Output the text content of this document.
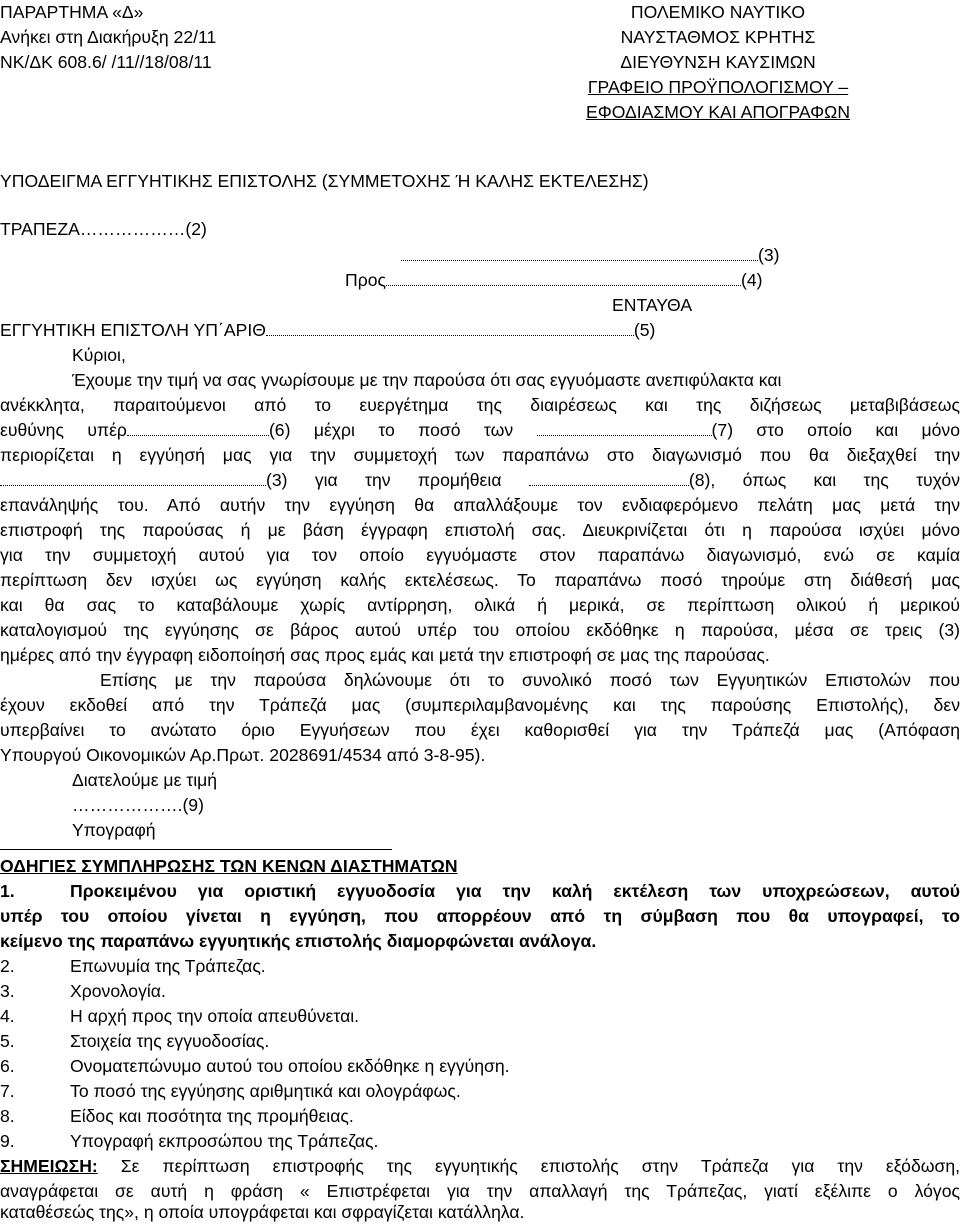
ΠΑΡΑΡΤΗΜΑ «Δ»
Ανήκει στη Διακήρυξη 22/11
ΝΚ/ΔΚ 608.6/ /11//18/08/11
ΠΟΛΕΜΙΚΟ ΝΑΥΤΙΚΟ
ΝΑΥΣΤΑΘΜΟΣ ΚΡΗΤΗΣ
ΔΙΕΥΘΥΝΣΗ ΚΑΥΣΙΜΩΝ
ΓΡΑΦΕΙΟ ΠΡΟΫΠΟΛΟΓΙΣΜΟΥ –
ΕΦΟΔΙΑΣΜΟΥ ΚΑΙ ΑΠΟΓΡΑΦΩΝ
ΥΠΟΔΕΙΓΜΑ ΕΓΓΥΗΤΙΚΗΣ ΕΠΙΣΤΟΛΗΣ (ΣΥΜΜΕΤΟΧΗΣ Ή ΚΑΛΗΣ ΕΚΤΕΛΕΣΗΣ)
ΤΡΑΠΕΖΑ………………(2)
(3)
Προς	(4)
ΕΝΤΑΥΘΑ
ΕΓΓΥΗΤΙΚΗ ΕΠΙΣΤΟΛΗ ΥΠ΄ΑΡΙΘ	(5)
Κύριοι,
Έχουμε την τιμή να σας γνωρίσουμε με την παρούσα ότι σας εγγυόμαστε ανεπιφύλακτα και
ανέκκλητα, παραιτούμενοι από το ευεργέτημα της διαιρέσεως και της διζήσεως μεταβιβάσεως
ευθύνης υπέρ	(6) μέχρι το ποσό των	(7) στο οποίο και μόνο
περιορίζεται η εγγύησή μας για την συμμετοχή των παραπάνω στο διαγωνισμό που θα διεξαχθεί την
(3) για την προμήθεια	(8), όπως και της τυχόν
επανάληψής του. Από αυτήν την εγγύηση θα απαλλάξουμε τον ενδιαφερόμενο πελάτη μας μετά την
επιστροφή της παρούσας ή με βάση έγγραφη επιστολή σας. Διευκρινίζεται ότι η παρούσα ισχύει μόνο
για την συμμετοχή αυτού για τον οποίο εγγυόμαστε στον παραπάνω διαγωνισμό, ενώ σε καμία
περίπτωση δεν ισχύει ως εγγύηση καλής εκτελέσεως. Το παραπάνω ποσό τηρούμε στη διάθεσή μας
και θα σας το καταβάλουμε χωρίς αντίρρηση, ολικά ή μερικά, σε περίπτωση ολικού ή μερικού
καταλογισμού της εγγύησης σε βάρος αυτού υπέρ του οποίου εκδόθηκε η παρούσα, μέσα σε τρεις (3)
ημέρες από την έγγραφη ειδοποίησή σας προς εμάς και μετά την επιστροφή σε μας της παρούσας.
Επίσης με την παρούσα δηλώνουμε ότι το συνολικό ποσό των Εγγυητικών Επιστολών που
έχουν εκδοθεί από την Τράπεζά μας (συμπεριλαμβανομένης και της παρούσης Επιστολής), δεν
υπερβαίνει το ανώτατο όριο Εγγυήσεων που έχει καθορισθεί για την Τράπεζά μας (Απόφαση
Υπουργού Οικονομικών Αρ.Πρωτ. 2028691/4534 από 3-8-95).
Διατελούμε με τιμή
……………….(9)
Υπογραφή
ΟΔΗΓΙΕΣ ΣΥΜΠΛΗΡΩΣΗΣ ΤΩΝ ΚΕΝΩΝ ΔΙΑΣΤΗΜΑΤΩΝ
1.	Προκειμένου για οριστική εγγυοδοσία για την καλή εκτέλεση των υποχρεώσεων, αυτού
υπέρ του οποίου γίνεται η εγγύηση, που απορρέουν από τη σύμβαση που θα υπογραφεί, το
κείμενο της παραπάνω εγγυητικής επιστολής διαμορφώνεται ανάλογα.
2.	Επωνυμία της Τράπεζας.
3.	Χρονολογία.
4.	Η αρχή προς την οποία απευθύνεται.
5.	Στοιχεία της εγγυοδοσίας.
6.	Ονοματεπώνυμο αυτού του οποίου εκδόθηκε η εγγύηση.
7.	Το ποσό της εγγύησης αριθμητικά και ολογράφως.
8.	Είδος και ποσότητα της προμήθειας.
9.	Υπογραφή εκπροσώπου της Τράπεζας.
ΣΗΜΕΙΩΣΗ: Σε περίπτωση επιστροφής της εγγυητικής επιστολής στην Τράπεζα για την εξόδωση,
αναγράφεται σε αυτή η φράση « Επιστρέφεται για την απαλλαγή της Τράπεζας, γιατί εξέλιπε ο λόγος
καταθέσεώς της», η οποία υπογράφεται και σφραγίζεται κατάλληλα.
